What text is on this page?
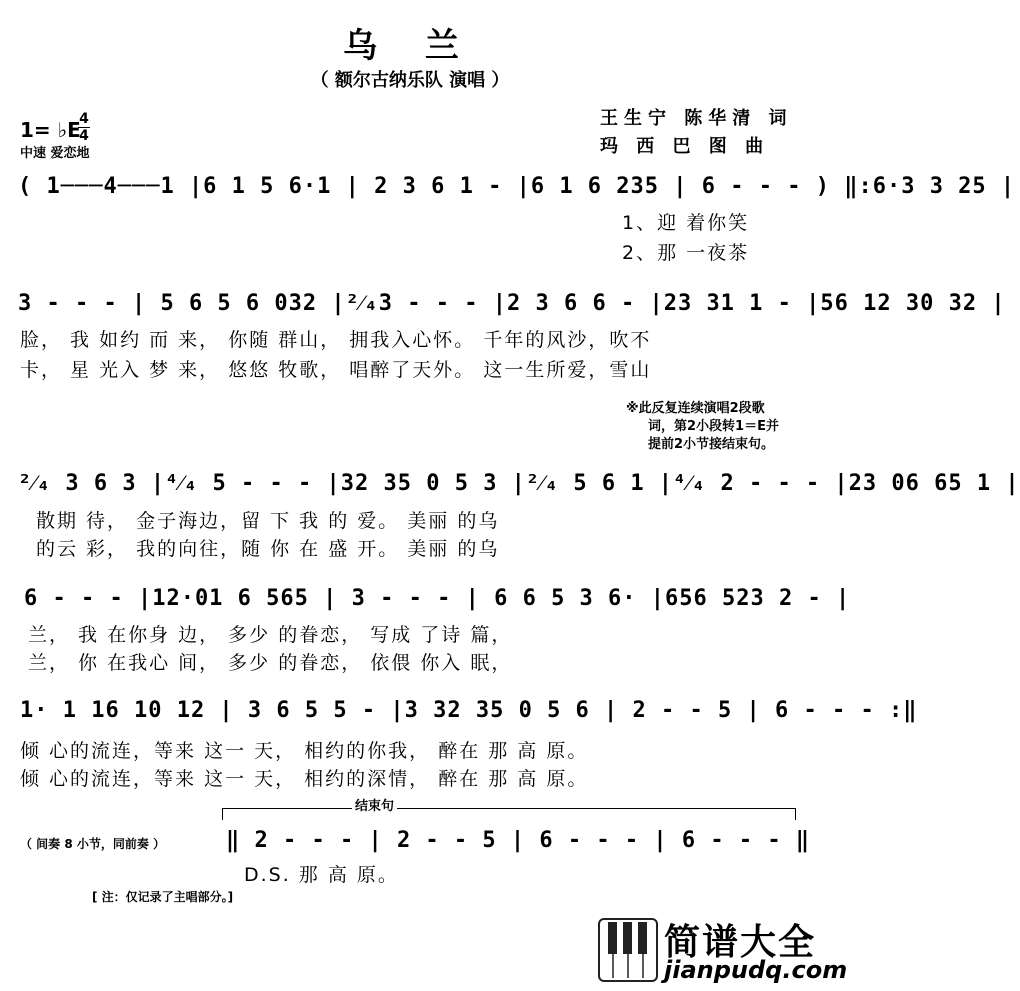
乌 兰
（ 额尔古纳乐队 演唱 ）
1= ♭E
4
4
中速 爱恋地
王生宁 陈华清 词
玛 西 巴 图 曲
( 1───4───1 |6 1 5 6·1 | 2 3 6 1 - |6 1 6 235 | 6 - - - ) ‖:6·3 3 25 |
1、迎 着你笑
2、那 一夜茶
3 - - - | 5 6 5 6 032 |²⁄₄3 - - - |2 3 6 6 - |23 31 1 - |56 12 30 32 |
脸， 我 如约 而 来， 你随 群山， 拥我入心怀。 千年的风沙，吹不
卡， 星 光入 梦 来， 悠悠 牧歌， 唱醉了天外。 这一生所爱，雪山
※此反复连续演唱2段歌
词，第2小段转1＝E并
提前2小节接结束句。
²⁄₄ 3 6 3 |⁴⁄₄ 5 - - - |32 35 0 5 3 |²⁄₄ 5 6 1 |⁴⁄₄ 2 - - - |23 06 65 1 |
散期 待， 金子海边，留 下 我 的 爱。 美丽 的乌
的云 彩， 我的向往，随 你 在 盛 开。 美丽 的乌
6 - - - |12·01 6 565 | 3 - - - | 6 6 5 3 6· |656 523 2 - |
兰， 我 在你身 边， 多少 的眷恋， 写成 了诗 篇，
兰， 你 在我心 间， 多少 的眷恋， 依偎 你入 眠，
1· 1 16 10 12 | 3 6 5 5 - |3 32 35 0 5 6 | 2 - - 5 | 6 - - - :‖
倾 心的流连，等来 这一 天， 相约的你我， 醉在 那 高 原。
倾 心的流连，等来 这一 天， 相约的深情， 醉在 那 高 原。
结束句
（ 间奏 8 小节，同前奏 ）	‖ 2 - - - | 2 - - 5 | 6 - - - | 6 - - - ‖
D.S. 那 高 原。
[ 注：仅记录了主唱部分。]
简谱大全
jianpudq.com
